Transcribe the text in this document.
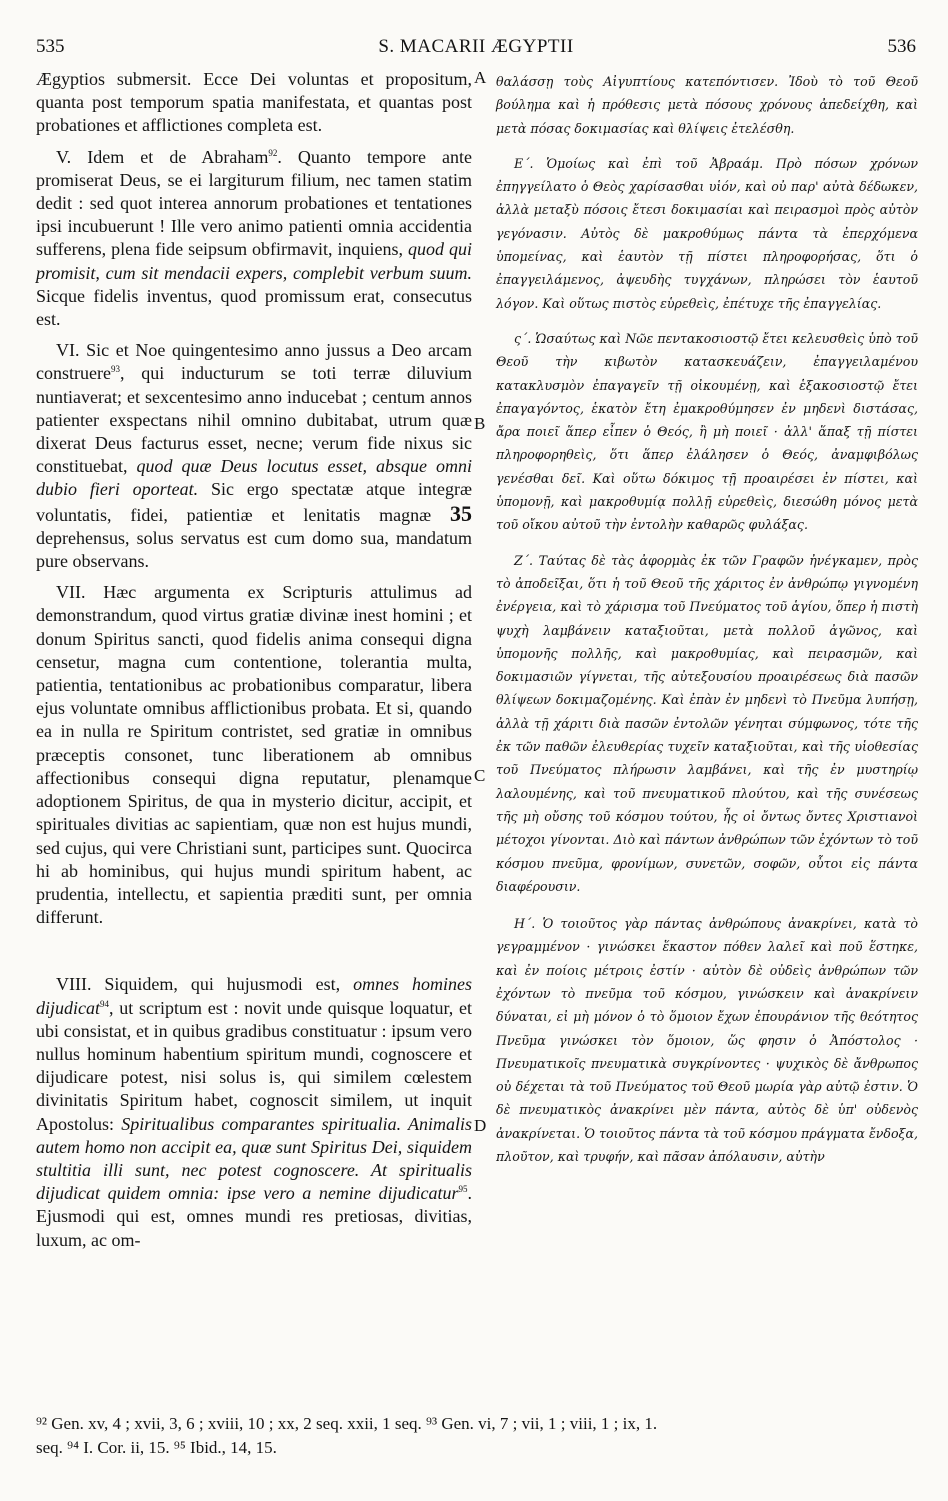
535	S. MACARII ÆGYPTII	536

Ægyptios submersit. Ecce Dei voluntas et propositum, quanta post temporum spatia manifestata, et quantas post probationes et afflictiones completa est.

V. Idem et de Abraham$^{92}$. Quanto tempore ante promiserat Deus, se ei largiturum filium, nec tamen statim dedit : sed quot interea annorum probationes et tentationes ipsi incubuerunt ! Ille vero animo patienti omnia accidentia sufferens, plena fide seipsum obfirmavit, inquiens, quod qui promisit, cum sit mendacii expers, complebit verbum suum. Sicque fidelis inventus, quod promissum erat, consecutus est.

VI. Sic et Noe quingentesimo anno jussus a Deo arcam construere$^{93}$, qui inducturum se toti terræ diluvium nuntiaverat; et sexcentesimo anno inducebat ; centum annos patienter exspectans nihil omnino dubitabat, utrum quæ dixerat Deus facturus esset, necne; verum fide nixus sic constituebat, quod quæ Deus locutus esset, absque omni dubio fieri oporteat. Sic ergo spectatæ atque integræ voluntatis, fidei, patientiæ et lenitatis magnæ 35 deprehensus, solus servatus est cum domo sua, mandatum pure observans.

VII. Hæc argumenta ex Scripturis attulimus ad demonstrandum, quod virtus gratiæ divinæ inest homini ; et donum Spiritus sancti, quod fidelis anima consequi digna censetur, magna cum contentione, tolerantia multa, patientia, tentationibus ac probationibus comparatur, libera ejus voluntate omnibus afflictionibus probata. Et si, quando ea in nulla re Spiritum contristet, sed gratiæ in omnibus præceptis consonet, tunc liberationem ab omnibus affectionibus consequi digna reputatur, plenamque adoptionem Spiritus, de qua in mysterio dicitur, accipit, et spirituales divitias ac sapientiam, quæ non est hujus mundi, sed cujus, qui vere Christiani sunt, participes sunt. Quocirca hi ab hominibus, qui hujus mundi spiritum habent, ac prudentia, intellectu, et sapientia præditi sunt, per omnia differunt.

VIII. Siquidem, qui hujusmodi est, omnes homines dijudicat$^{94}$, ut scriptum est : novit unde quisque loquatur, et ubi consistat, et in quibus gradibus constituatur : ipsum vero nullus hominum habentium spiritum mundi, cognoscere et dijudicare potest, nisi solus is, qui similem cœlestem divinitatis Spiritum habet, cognoscit similem, ut inquit Apostolus: Spiritualibus comparantes spiritualia. Animalis autem homo non accipit ea, quæ sunt Spiritus Dei, siquidem stultitia illi sunt, nec potest cognoscere. At spiritualis dijudicat quidem omnia: ipse vero a nemine dijudicatur$^{95}$. Ejusmodi qui est, omnes mundi res pretiosas, divitias, luxum, ac om-

A
B
C
D

θαλάσσῃ τοὺς Αἰγυπτίους κατεπόντισεν. Ἰδοὺ τὸ τοῦ Θεοῦ βούλημα καὶ ἡ πρόθεσις μετὰ πόσους χρόνους ἀπεδείχθη, καὶ μετὰ πόσας δοκιμασίας καὶ θλίψεις ἐτελέσθη.

Ε΄. Ὁμοίως καὶ ἐπὶ τοῦ Ἀβραάμ. Πρὸ πόσων χρόνων ἐπηγγείλατο ὁ Θεὸς χαρίσασθαι υἱόν, καὶ οὐ παρ' αὐτὰ δέδωκεν, ἀλλὰ μεταξὺ πόσοις ἔτεσι δοκιμασίαι καὶ πειρασμοὶ πρὸς αὐτὸν γεγόνασιν. Αὐτὸς δὲ μακροθύμως πάντα τὰ ἐπερχόμενα ὑπομείνας, καὶ ἑαυτὸν τῇ πίστει πληροφορήσας, ὅτι ὁ ἐπαγγειλάμενος, ἀψευδὴς τυγχάνων, πληρώσει τὸν ἑαυτοῦ λόγον. Καὶ οὕτως πιστὸς εὑρεθεὶς, ἐπέτυχε τῆς ἐπαγγελίας.

ς΄. Ὡσαύτως καὶ Νῶε πεντακοσιοστῷ ἔτει κελευσθεὶς ὑπὸ τοῦ Θεοῦ τὴν κιβωτὸν κατασκευάζειν, ἐπαγγειλαμένου κατακλυσμὸν ἐπαγαγεῖν τῇ οἰκουμένῃ, καὶ ἑξακοσιοστῷ ἔτει ἐπαγαγόντος, ἑκατὸν ἔτη ἐμακροθύμησεν ἐν μηδενὶ διστάσας, ἄρα ποιεῖ ἅπερ εἶπεν ὁ Θεός, ἢ μὴ ποιεῖ · ἀλλ' ἅπαξ τῇ πίστει πληροφορηθεὶς, ὅτι ἅπερ ἐλάλησεν ὁ Θεός, ἀναμφιβόλως γενέσθαι δεῖ. Καὶ οὕτω δόκιμος τῇ προαιρέσει ἐν πίστει, καὶ ὑπομονῇ, καὶ μακροθυμίᾳ πολλῇ εὑρεθεὶς, διεσώθη μόνος μετὰ τοῦ οἴκου αὐτοῦ τὴν ἐντολὴν καθαρῶς φυλάξας.

Ζ΄. Ταύτας δὲ τὰς ἀφορμὰς ἐκ τῶν Γραφῶν ἠνέγκαμεν, πρὸς τὸ ἀποδεῖξαι, ὅτι ἡ τοῦ Θεοῦ τῆς χάριτος ἐν ἀνθρώπῳ γιγνομένη ἐνέργεια, καὶ τὸ χάρισμα τοῦ Πνεύματος τοῦ ἁγίου, ὅπερ ἡ πιστὴ ψυχὴ λαμβάνειν καταξιοῦται, μετὰ πολλοῦ ἀγῶνος, καὶ ὑπομονῆς πολλῆς, καὶ μακροθυμίας, καὶ πειρασμῶν, καὶ δοκιμασιῶν γίγνεται, τῆς αὐτεξουσίου προαιρέσεως διὰ πασῶν θλίψεων δοκιμαζομένης. Καὶ ἐπὰν ἐν μηδενὶ τὸ Πνεῦμα λυπήσῃ, ἀλλὰ τῇ χάριτι διὰ πασῶν ἐντολῶν γένηται σύμφωνος, τότε τῆς ἐκ τῶν παθῶν ἐλευθερίας τυχεῖν καταξιοῦται, καὶ τῆς υἱοθεσίας τοῦ Πνεύματος πλήρωσιν λαμβάνει, καὶ τῆς ἐν μυστηρίῳ λαλουμένης, καὶ τοῦ πνευματικοῦ πλούτου, καὶ τῆς συνέσεως τῆς μὴ οὔσης τοῦ κόσμου τούτου, ἧς οἱ ὄντως ὄντες Χριστιανοὶ μέτοχοι γίνονται. Διὸ καὶ πάντων ἀνθρώπων τῶν ἐχόντων τὸ τοῦ κόσμου πνεῦμα, φρονίμων, συνετῶν, σοφῶν, οὗτοι εἰς πάντα διαφέρουσιν.

Η΄. Ὁ τοιοῦτος γὰρ πάντας ἀνθρώπους ἀνακρίνει, κατὰ τὸ γεγραμμένον · γινώσκει ἕκαστον πόθεν λαλεῖ καὶ ποῦ ἕστηκε, καὶ ἐν ποίοις μέτροις ἐστίν · αὐτὸν δὲ οὐδεὶς ἀνθρώπων τῶν ἐχόντων τὸ πνεῦμα τοῦ κόσμου, γινώσκειν καὶ ἀνακρίνειν δύναται, εἰ μὴ μόνον ὁ τὸ ὅμοιον ἔχων ἐπουράνιον τῆς θεότητος Πνεῦμα γινώσκει τὸν ὅμοιον, ὥς φησιν ὁ Ἀπόστολος · Πνευματικοῖς πνευματικὰ συγκρίνοντες · ψυχικὸς δὲ ἄνθρωπος οὐ δέχεται τὰ τοῦ Πνεύματος τοῦ Θεοῦ μωρία γὰρ αὐτῷ ἐστιν. Ὁ δὲ πνευματικὸς ἀνακρίνει μὲν πάντα, αὐτὸς δὲ ὑπ' οὐδενὸς ἀνακρίνεται. Ὁ τοιοῦτος πάντα τὰ τοῦ κόσμου πράγματα ἔνδοξα, πλοῦτον, καὶ τρυφήν, καὶ πᾶσαν ἀπόλαυσιν, αὐτὴν

⁹² Gen. xv, 4 ; xvii, 3, 6 ; xviii, 10 ; xx, 2 seq. xxii, 1 seq. ⁹³ Gen. vi, 7 ; vii, 1 ; viii, 1 ; ix, 1.

seq. ⁹⁴ I. Cor. ii, 15. ⁹⁵ Ibid., 14, 15.
